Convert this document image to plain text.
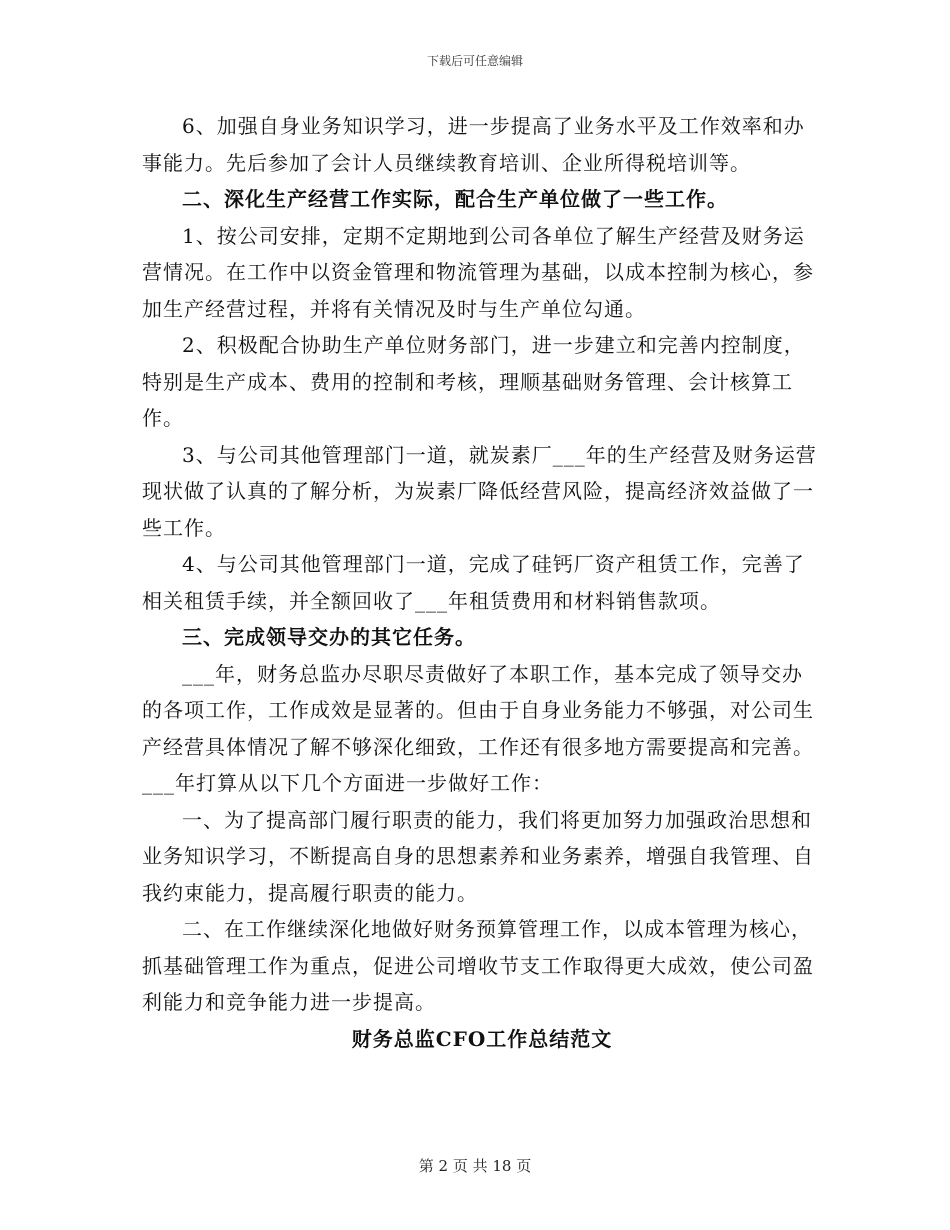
下载后可任意编辑

6、加强自身业务知识学习，进一步提高了业务水平及工作效率和办事能力。先后参加了会计人员继续教育培训、企业所得税培训等。

二、深化生产经营工作实际，配合生产单位做了一些工作。

1、按公司安排，定期不定期地到公司各单位了解生产经营及财务运营情况。在工作中以资金管理和物流管理为基础，以成本控制为核心，参加生产经营过程，并将有关情况及时与生产单位勾通。

2、积极配合协助生产单位财务部门，进一步建立和完善内控制度，特别是生产成本、费用的控制和考核，理顺基础财务管理、会计核算工作。

3、与公司其他管理部门一道，就炭素厂___年的生产经营及财务运营现状做了认真的了解分析，为炭素厂降低经营风险，提高经济效益做了一些工作。

4、与公司其他管理部门一道，完成了硅钙厂资产租赁工作，完善了相关租赁手续，并全额回收了___年租赁费用和材料销售款项。

三、完成领导交办的其它任务。

___年，财务总监办尽职尽责做好了本职工作，基本完成了领导交办的各项工作，工作成效是显著的。但由于自身业务能力不够强，对公司生产经营具体情况了解不够深化细致，工作还有很多地方需要提高和完善。___年打算从以下几个方面进一步做好工作：

一、为了提高部门履行职责的能力，我们将更加努力加强政治思想和业务知识学习，不断提高自身的思想素养和业务素养，增强自我管理、自我约束能力，提高履行职责的能力。

二、在工作继续深化地做好财务预算管理工作，以成本管理为核心，抓基础管理工作为重点，促进公司增收节支工作取得更大成效，使公司盈利能力和竞争能力进一步提高。

财务总监CFO工作总结范文

第 2 页 共 18 页
